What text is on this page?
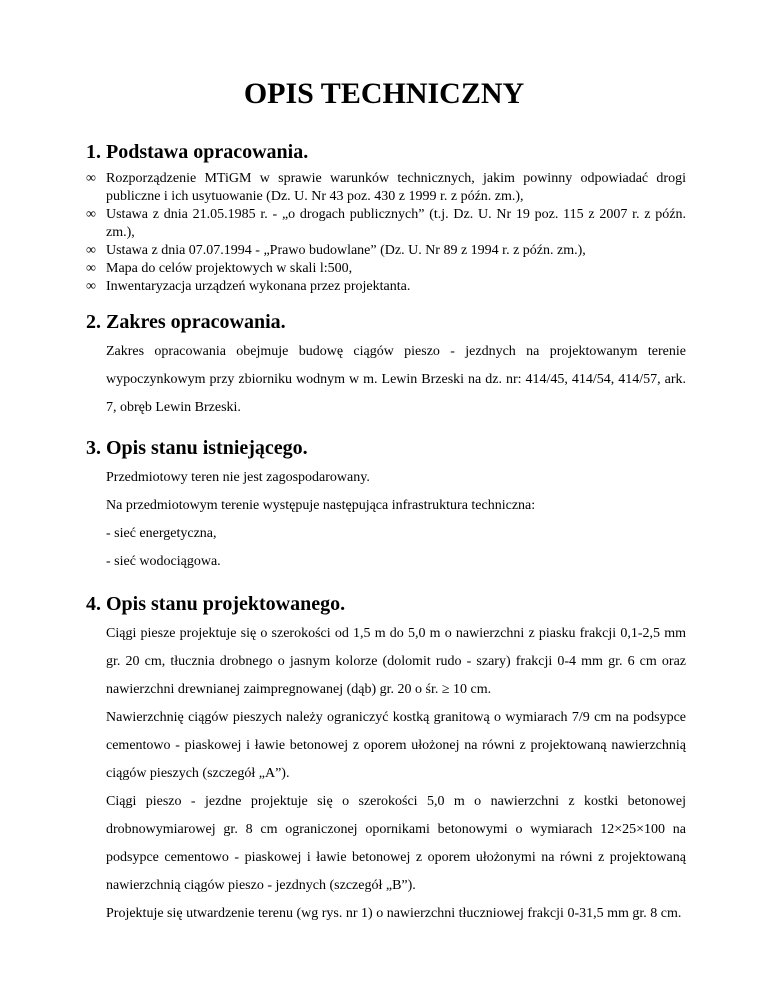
OPIS TECHNICZNY
1. Podstawa opracowania.
∞ Rozporządzenie MTiGM w sprawie warunków technicznych, jakim powinny odpowiadać drogi publiczne i ich usytuowanie (Dz. U. Nr 43 poz. 430 z 1999 r. z późn. zm.),
∞ Ustawa z dnia 21.05.1985 r. - „o drogach publicznych” (t.j. Dz. U. Nr 19 poz. 115 z 2007 r. z późn. zm.),
∞ Ustawa z dnia 07.07.1994 - „Prawo budowlane” (Dz. U. Nr 89 z 1994 r. z późn. zm.),
∞ Mapa do celów projektowych w skali l:500,
∞ Inwentaryzacja urządzeń wykonana przez projektanta.
2. Zakres opracowania.

Zakres opracowania obejmuje budowę ciągów pieszo - jezdnych na projektowanym terenie wypoczynkowym przy zbiorniku wodnym w m. Lewin Brzeski na dz. nr: 414/45, 414/54, 414/57, ark. 7, obręb Lewin Brzeski.

3. Opis stanu istniejącego.

Przedmiotowy teren nie jest zagospodarowany.

Na przedmiotowym terenie występuje następująca infrastruktura techniczna:

- sieć energetyczna,

- sieć wodociągowa.

4. Opis stanu projektowanego.

Ciągi piesze projektuje się o szerokości od 1,5 m do 5,0 m o nawierzchni z piasku frakcji 0,1-2,5 mm gr. 20 cm, tłucznia drobnego o jasnym kolorze (dolomit rudo - szary) frakcji 0-4 mm gr. 6 cm oraz nawierzchni drewnianej zaimpregnowanej (dąb) gr. 20 o śr. ≥ 10 cm.

Nawierzchnię ciągów pieszych należy ograniczyć kostką granitową o wymiarach 7/9 cm na podsypce cementowo - piaskowej i ławie betonowej z oporem ułożonej na równi z projektowaną nawierzchnią ciągów pieszych (szczegół „A”).

Ciągi pieszo - jezdne projektuje się o szerokości 5,0 m o nawierzchni z kostki betonowej drobnowymiarowej gr. 8 cm ograniczonej opornikami betonowymi o wymiarach 12×25×100 na podsypce cementowo - piaskowej i ławie betonowej z oporem ułożonymi na równi z projektowaną nawierzchnią ciągów pieszo - jezdnych (szczegół „B”).

Projektuje się utwardzenie terenu (wg rys. nr 1) o nawierzchni tłuczniowej frakcji 0-31,5 mm gr. 8 cm.
